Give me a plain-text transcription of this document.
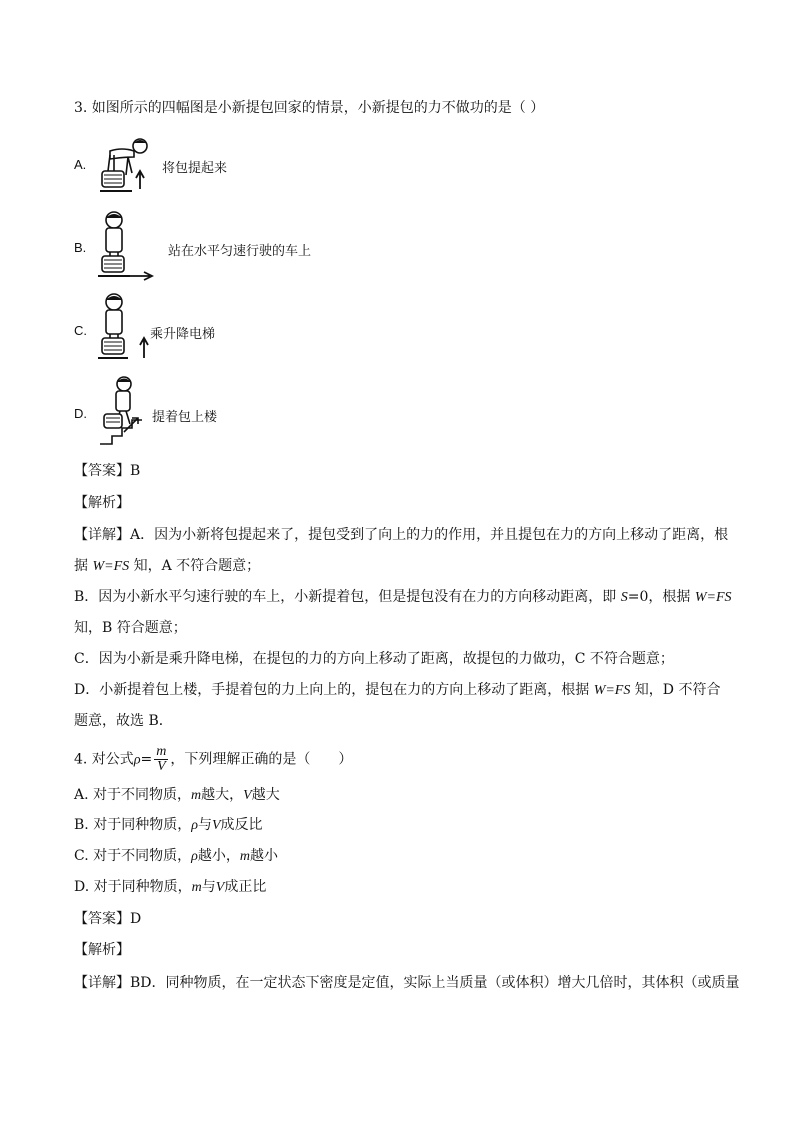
3. 如图所示的四幅图是小新提包回家的情景，小新提包的力不做功的是（ ）
A.	将包提起来
B.	站在水平匀速行驶的车上
C.	乘升降电梯
D.	提着包上楼
【答案】B
【解析】
【详解】A．因为小新将包提起来了，提包受到了向上的力的作用，并且提包在力的方向上移动了距离，根
据 W=FS 知，A 不符合题意；
B．因为小新水平匀速行驶的车上，小新提着包，但是提包没有在力的方向移动距离，即 S=0，根据 W=FS
知，B 符合题意；
C．因为小新是乘升降电梯，在提包的力的方向上移动了距离，故提包的力做功，C 不符合题意；
D．小新提着包上楼，手提着包的力上向上的，提包在力的方向上移动了距离，根据 W=FS 知，D 不符合
题意，故选 B．
4. 对公式$\rho= \frac{m}{V}$ ，下列理解正确的是（　　）
A. 对于不同物质，m越大，V越大
B. 对于同种物质，ρ与V成反比
C. 对于不同物质，ρ越小，m越小
D. 对于同种物质，m与V成正比
【答案】D
【解析】
【详解】BD．同种物质，在一定状态下密度是定值，实际上当质量（或体积）增大几倍时，其体积（或质量
